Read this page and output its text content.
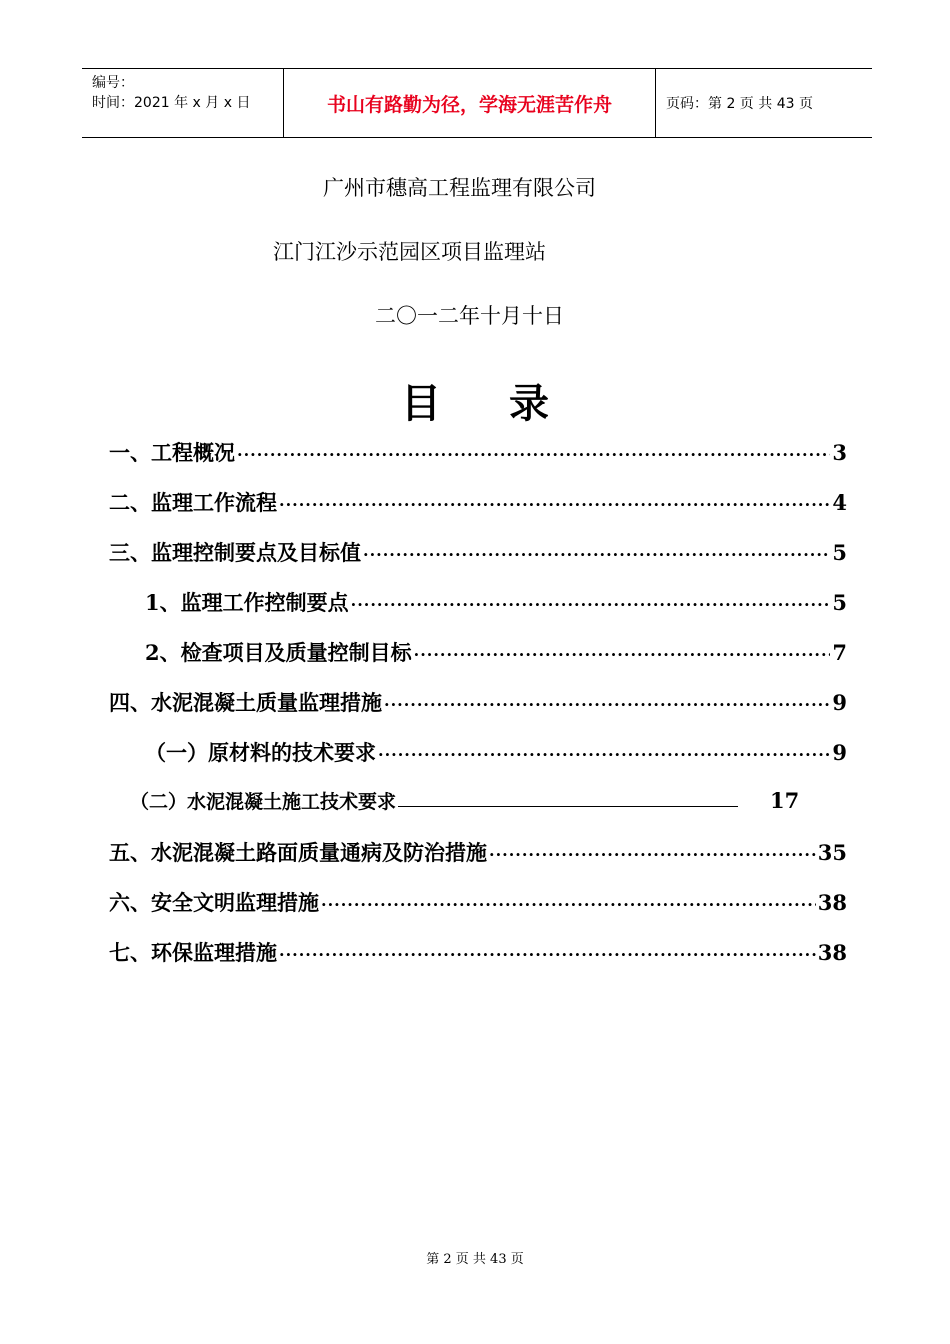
编号：
时间：2021 年 x 月 x 日	书山有路勤为径，学海无涯苦作舟	页码：第 2 页 共 43 页
广州市穗高工程监理有限公司
江门江沙示范园区项目监理站
二〇一二年十月十日
目录
一、工程概况 .....	3
二、监理工作流程 .....	4
三、监理控制要点及目标值 .....	5
1、监理工作控制要点 .....	5
2、检查项目及质量控制目标 .....	7
四、水泥混凝土质量监理措施 .....	9
（一）原材料的技术要求 .....	9
（二）水泥混凝土施工技术要求	17
五、水泥混凝土路面质量通病及防治措施 .....	35
六、安全文明监理措施 .....	38
七、环保监理措施 .....	38
第 2 页 共 43 页
